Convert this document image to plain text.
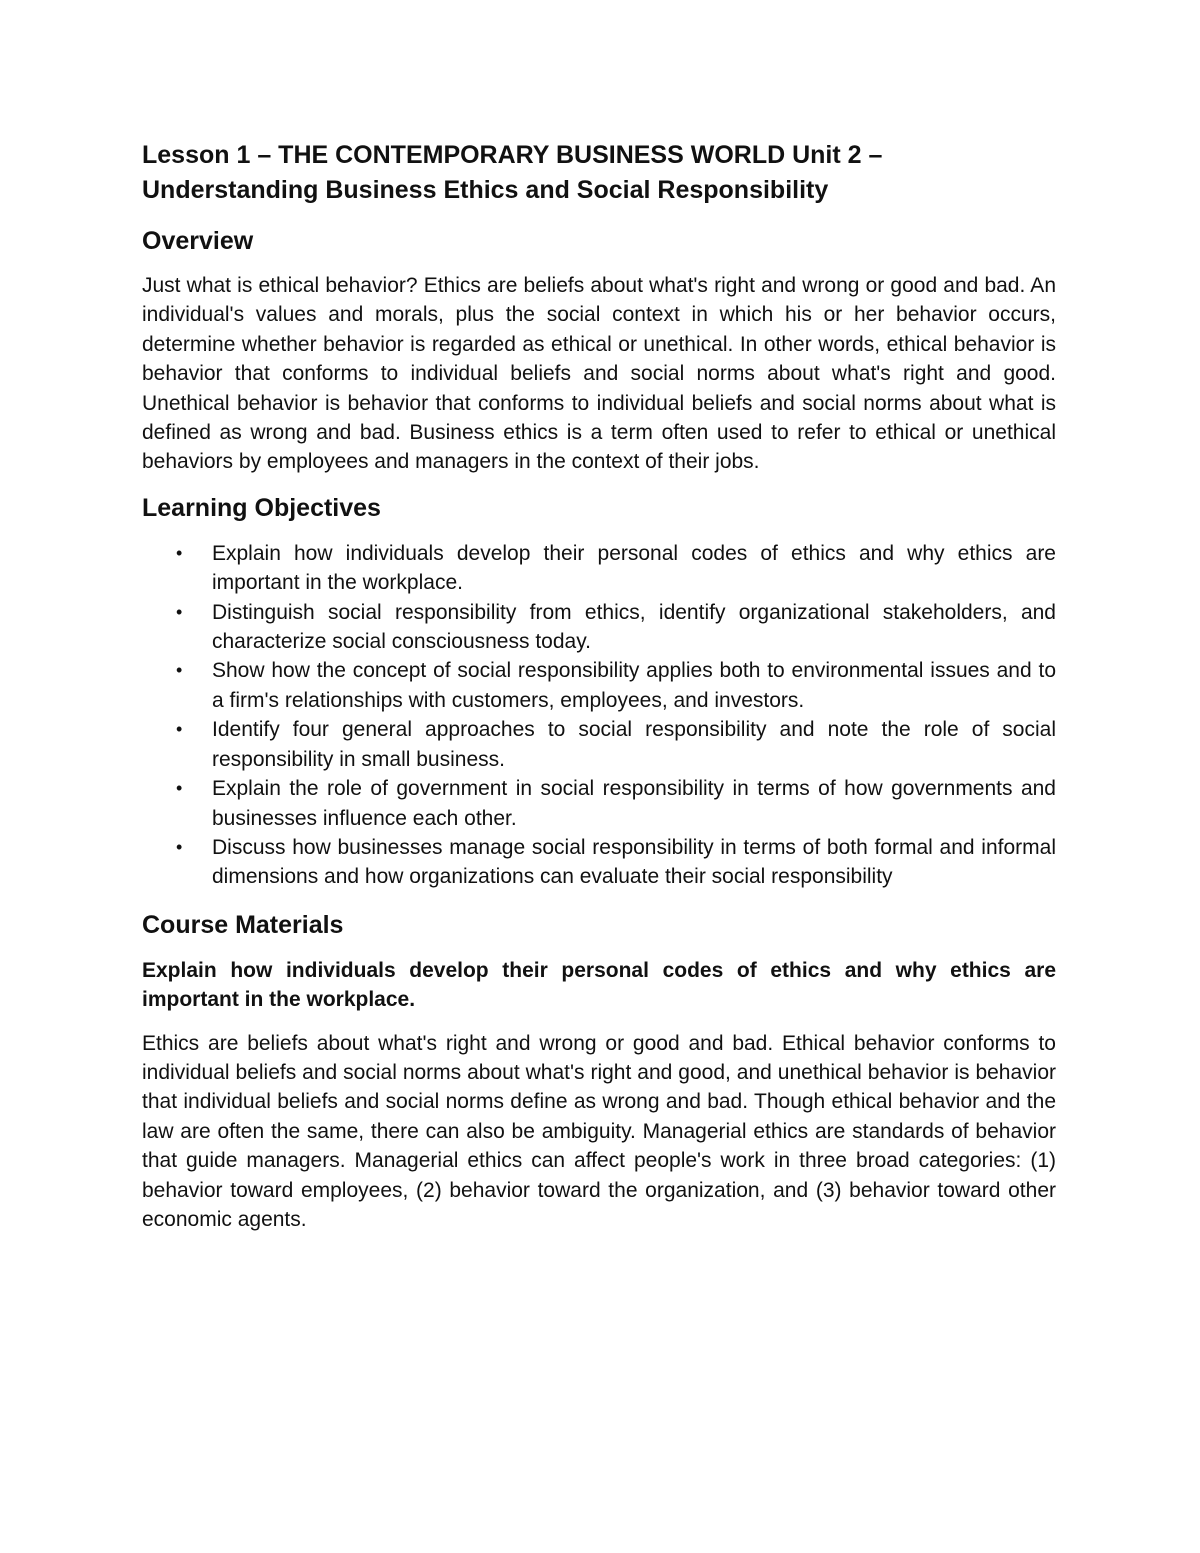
Lesson 1 – THE CONTEMPORARY BUSINESS WORLD Unit 2 – Understanding Business Ethics and Social Responsibility
Overview

Just what is ethical behavior? Ethics are beliefs about what's right and wrong or good and bad. An individual's values and morals, plus the social context in which his or her behavior occurs, determine whether behavior is regarded as ethical or unethical. In other words, ethical behavior is behavior that conforms to individual beliefs and social norms about what's right and good. Unethical behavior is behavior that conforms to individual beliefs and social norms about what is defined as wrong and bad. Business ethics is a term often used to refer to ethical or unethical behaviors by employees and managers in the context of their jobs.

Learning Objectives
• Explain how individuals develop their personal codes of ethics and why ethics are important in the workplace.
• Distinguish social responsibility from ethics, identify organizational stakeholders, and characterize social consciousness today.
• Show how the concept of social responsibility applies both to environmental issues and to a firm's relationships with customers, employees, and investors.
• Identify four general approaches to social responsibility and note the role of social responsibility in small business.
• Explain the role of government in social responsibility in terms of how governments and businesses influence each other.
• Discuss how businesses manage social responsibility in terms of both formal and informal dimensions and how organizations can evaluate their social responsibility
Course Materials

Explain how individuals develop their personal codes of ethics and why ethics are important in the workplace.

Ethics are beliefs about what's right and wrong or good and bad. Ethical behavior conforms to individual beliefs and social norms about what's right and good, and unethical behavior is behavior that individual beliefs and social norms define as wrong and bad. Though ethical behavior and the law are often the same, there can also be ambiguity. Managerial ethics are standards of behavior that guide managers. Managerial ethics can affect people's work in three broad categories: (1) behavior toward employees, (2) behavior toward the organization, and (3) behavior toward other economic agents.
